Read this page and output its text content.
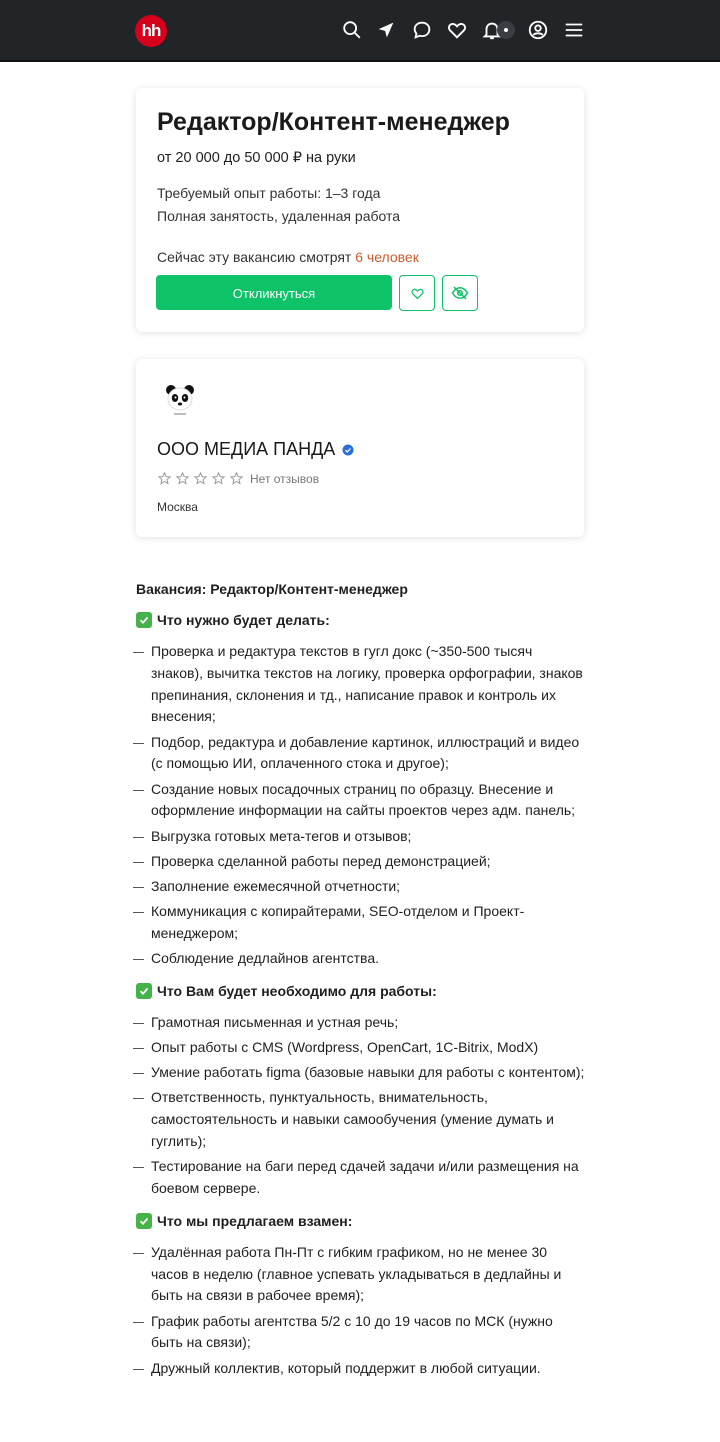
hh
Редактор/Контент-менеджер
от 20 000 до 50 000 ₽ на руки
Требуемый опыт работы: 1–3 года
Полная занятость, удаленная работа
Сейчас эту вакансию смотрят 6 человек
Откликнуться
ООО МЕДИА ПАНДА
Нет отзывов
Москва
Вакансия: Редактор/Контент-менеджер
Что нужно будет делать:
Проверка и редактура текстов в гугл докс (~350-500 тысяч знаков), вычитка текстов на логику, проверка орфографии, знаков препинания, склонения и тд., написание правок и контроль их внесения;
Подбор, редактура и добавление картинок, иллюстраций и видео (с помощью ИИ, оплаченного стока и другое);
Создание новых посадочных страниц по образцу. Внесение и оформление информации на сайты проектов через адм. панель;
Выгрузка готовых мета-тегов и отзывов;
Проверка сделанной работы перед демонстрацией;
Заполнение ежемесячной отчетности;
Коммуникация с копирайтерами, SEO-отделом и Проект-менеджером;
Соблюдение дедлайнов агентства.
Что Вам будет необходимо для работы:
Грамотная письменная и устная речь;
Опыт работы с CMS (Wordpress, OpenCart, 1C-Bitrix, ModX)
Умение работать figma (базовые навыки для работы с контентом);
Ответственность, пунктуальность, внимательность, самостоятельность и навыки самообучения (умение думать и гуглить);
Тестирование на баги перед сдачей задачи и/или размещения на боевом сервере.
Что мы предлагаем взамен:
Удалённая работа Пн-Пт с гибким графиком, но не менее 30 часов в неделю (главное успевать укладываться в дедлайны и быть на связи в рабочее время);
График работы агентства 5/2 с 10 до 19 часов по МСК (нужно быть на связи);
Дружный коллектив, который поддержит в любой ситуации.
